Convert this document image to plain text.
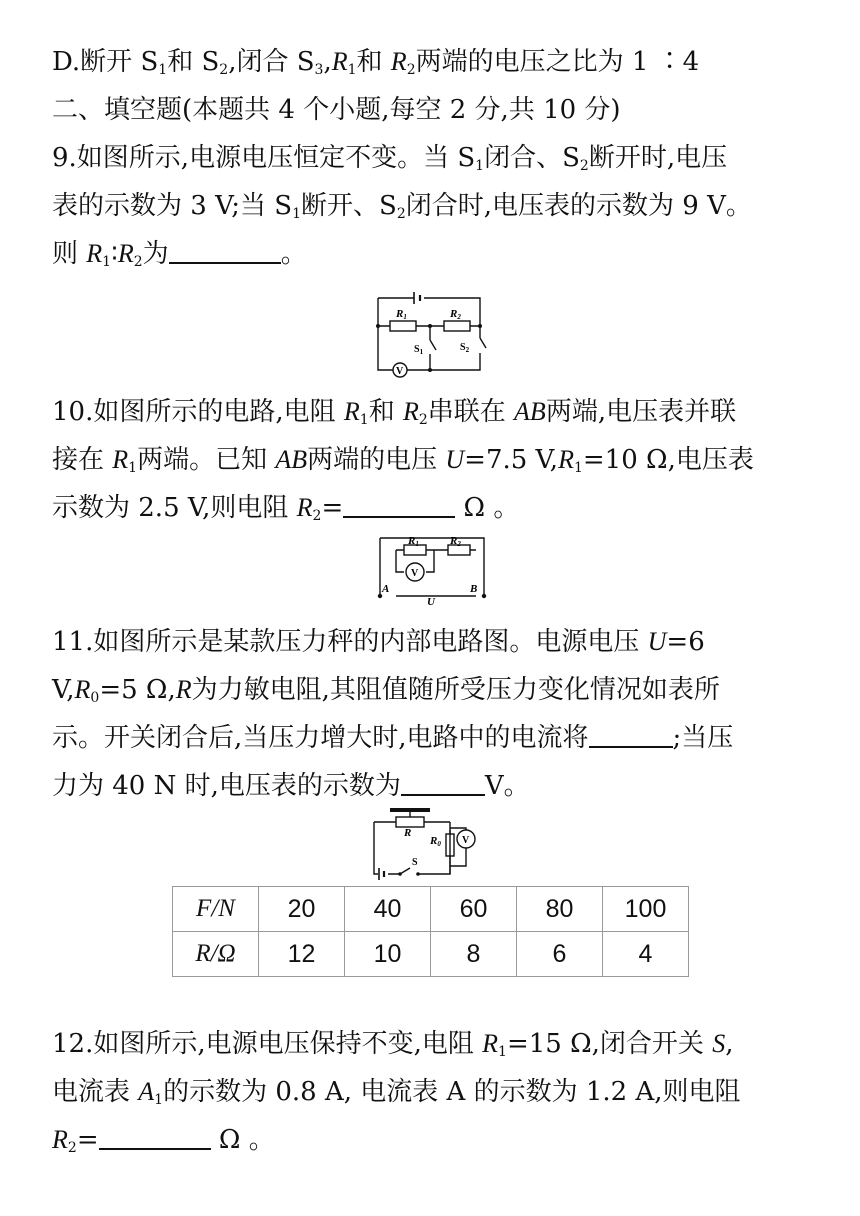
D.断开 $S_1$和 $S_2$,闭合 $S_3,R_1$和 $R_2$两端的电压之比为 1 ∶4
二、填空题(本题共 4 个小题,每空 2 分,共 10 分)
9.如图所示,电源电压恒定不变。当 $S_1$闭合、$S_2$断开时,电压
表的示数为 3 V;当 $S_1$断开、$S_2$闭合时,电压表的示数为 9 V。
则 $R_1∶R_2$为	。
R1	R2
$S_1$	$S_2$
V
10.如图所示的电路,电阻 $R_1$和 $R_2$串联在 AB两端,电压表并联
接在 $R_1$两端。已知 AB两端的电压 U=7.5 $V,R_1=10$ Ω,电压表
示数为 2.5 V,则电阻 $R_2=$	Ω 。
R1	R2
V
A	B
U
11.如图所示是某款压力秤的内部电路图。电源电压 U=6
$V,R_0=5$ Ω,R为力敏电阻,其阻值随所受压力变化情况如表所
示。开关闭合后,当压力增大时,电路中的电流将	;当压
力为 40 N 时,电压表的示数为	V。
R
R0 V
S
F/N	20	40	60	80	100
R/Ω	12	10	8	6	4
12.如图所示,电源电压保持不变,电阻 $R_1=15$ Ω,闭合开关 S,
电流表 $A_1$的示数为 0.8 A, 电流表 A 的示数为 1.2 A,则电阻
$R_2=$	Ω 。
